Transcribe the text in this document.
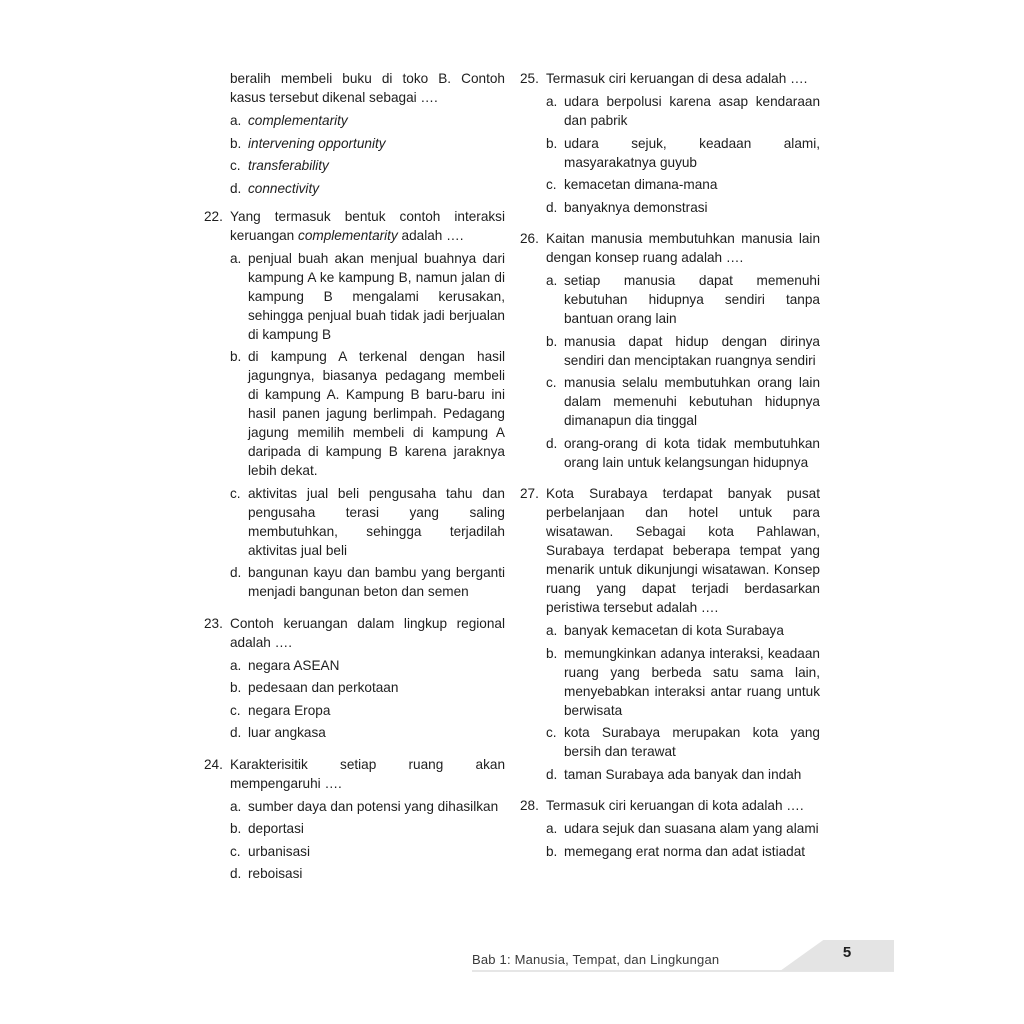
beralih membeli buku di toko B. Contoh kasus tersebut dikenal sebagai ….
a. complementarity
b. intervening opportunity
c. transferability
d. connectivity
22. Yang termasuk bentuk contoh interaksi keruangan complementarity adalah ….
a. penjual buah akan menjual buahnya dari kampung A ke kampung B, namun jalan di kampung B mengalami kerusakan, sehingga penjual buah tidak jadi berjualan di kampung B
b. di kampung A terkenal dengan hasil jagungnya, biasanya pedagang membeli di kampung A. Kampung B baru-baru ini hasil panen jagung berlimpah. Pedagang jagung memilih membeli di kampung A daripada di kampung B karena jaraknya lebih dekat.
c. aktivitas jual beli pengusaha tahu dan pengusaha terasi yang saling membutuhkan, sehingga terjadilah aktivitas jual beli
d. bangunan kayu dan bambu yang berganti menjadi bangunan beton dan semen
23. Contoh keruangan dalam lingkup regional adalah ….
a. negara ASEAN
b. pedesaan dan perkotaan
c. negara Eropa
d. luar angkasa
24. Karakterisitik setiap ruang akan mempengaruhi ….
a. sumber daya dan potensi yang dihasilkan
b. deportasi
c. urbanisasi
d. reboisasi
25. Termasuk ciri keruangan di desa adalah ….
a. udara berpolusi karena asap kendaraan dan pabrik
b. udara sejuk, keadaan alami, masyarakatnya guyub
c. kemacetan dimana-mana
d. banyaknya demonstrasi
26. Kaitan manusia membutuhkan manusia lain dengan konsep ruang adalah ….
a. setiap manusia dapat memenuhi kebutuhan hidupnya sendiri tanpa bantuan orang lain
b. manusia dapat hidup dengan dirinya sendiri dan menciptakan ruangnya sendiri
c. manusia selalu membutuhkan orang lain dalam memenuhi kebutuhan hidupnya dimanapun dia tinggal
d. orang-orang di kota tidak membutuhkan orang lain untuk kelangsungan hidupnya
27. Kota Surabaya terdapat banyak pusat perbelanjaan dan hotel untuk para wisatawan. Sebagai kota Pahlawan, Surabaya terdapat beberapa tempat yang menarik untuk dikunjungi wisatawan. Konsep ruang yang dapat terjadi berdasarkan peristiwa tersebut adalah ….
a. banyak kemacetan di kota Surabaya
b. memungkinkan adanya interaksi, keadaan ruang yang berbeda satu sama lain, menyebabkan interaksi antar ruang untuk berwisata
c. kota Surabaya merupakan kota yang bersih dan terawat
d. taman Surabaya ada banyak dan indah
28. Termasuk ciri keruangan di kota adalah ….
a. udara sejuk dan suasana alam yang alami
b. memegang erat norma dan adat istiadat
Bab 1: Manusia, Tempat, dan Lingkungan	5
